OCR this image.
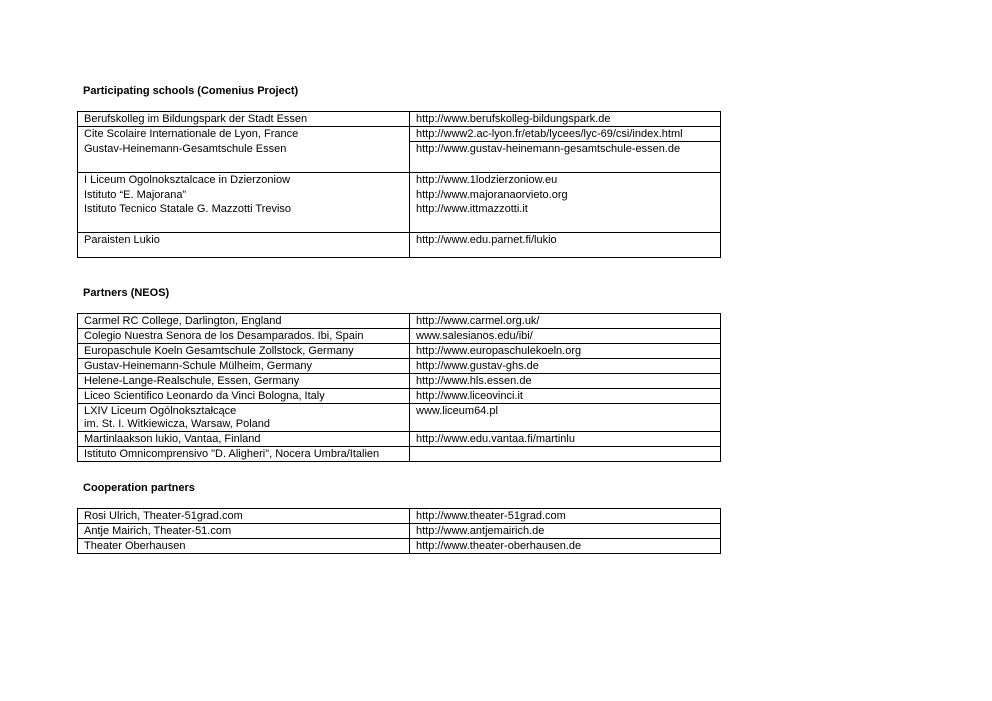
Participating schools (Comenius Project)
Berufskolleg im Bildungspark der Stadt Essen	http://www.berufskolleg-bildungspark.de
Cite Scolaire Internationale de Lyon, France	http://www2.ac-lyon.fr/etab/lycees/lyc-69/csi/index.html
Gustav-Heinemann-Gesamtschule Essen	http://www.gustav-heinemann-gesamtschule-essen.de
I Liceum Ogolnoksztalcace in Dzierzoniow	http://www.1lodzierzoniow.eu
Istituto “E. Majorana”	http://www.majoranaorvieto.org
Istituto Tecnico Statale G. Mazzotti Treviso	http://www.ittmazzotti.it
Paraisten Lukio	http://www.edu.parnet.fi/lukio
Partners (NEOS)
Carmel RC College, Darlington, England	http://www.carmel.org.uk/
Colegio Nuestra Senora de los Desamparados. Ibi, Spain	www.salesianos.edu/ibi/
Europaschule Koeln Gesamtschule Zollstock, Germany	http://www.europaschulekoeln.org
Gustav-Heinemann-Schule Mülheim, Germany	http://www.gustav-ghs.de
Helene-Lange-Realschule, Essen, Germany	http://www.hls.essen.de
Liceo Scientifico Leonardo da Vinci Bologna, Italy	http://www.liceovinci.it

LXIV Liceum Ogólnokształcące
im. St. I. Witkiewicza, Warsaw, Poland	www.liceum64.pl
Martinlaakson lukio, Vantaa, Finland	http://www.edu.vantaa.fi/martinlu
Istituto Omnicomprensivo "D. Aligheri", Nocera Umbra/Italien	
Cooperation partners
Rosi Ulrich, Theater-51grad.com	http://www.theater-51grad.com
Antje Mairich, Theater-51.com	http://www.antjemairich.de
Theater Oberhausen	http://www.theater-oberhausen.de
